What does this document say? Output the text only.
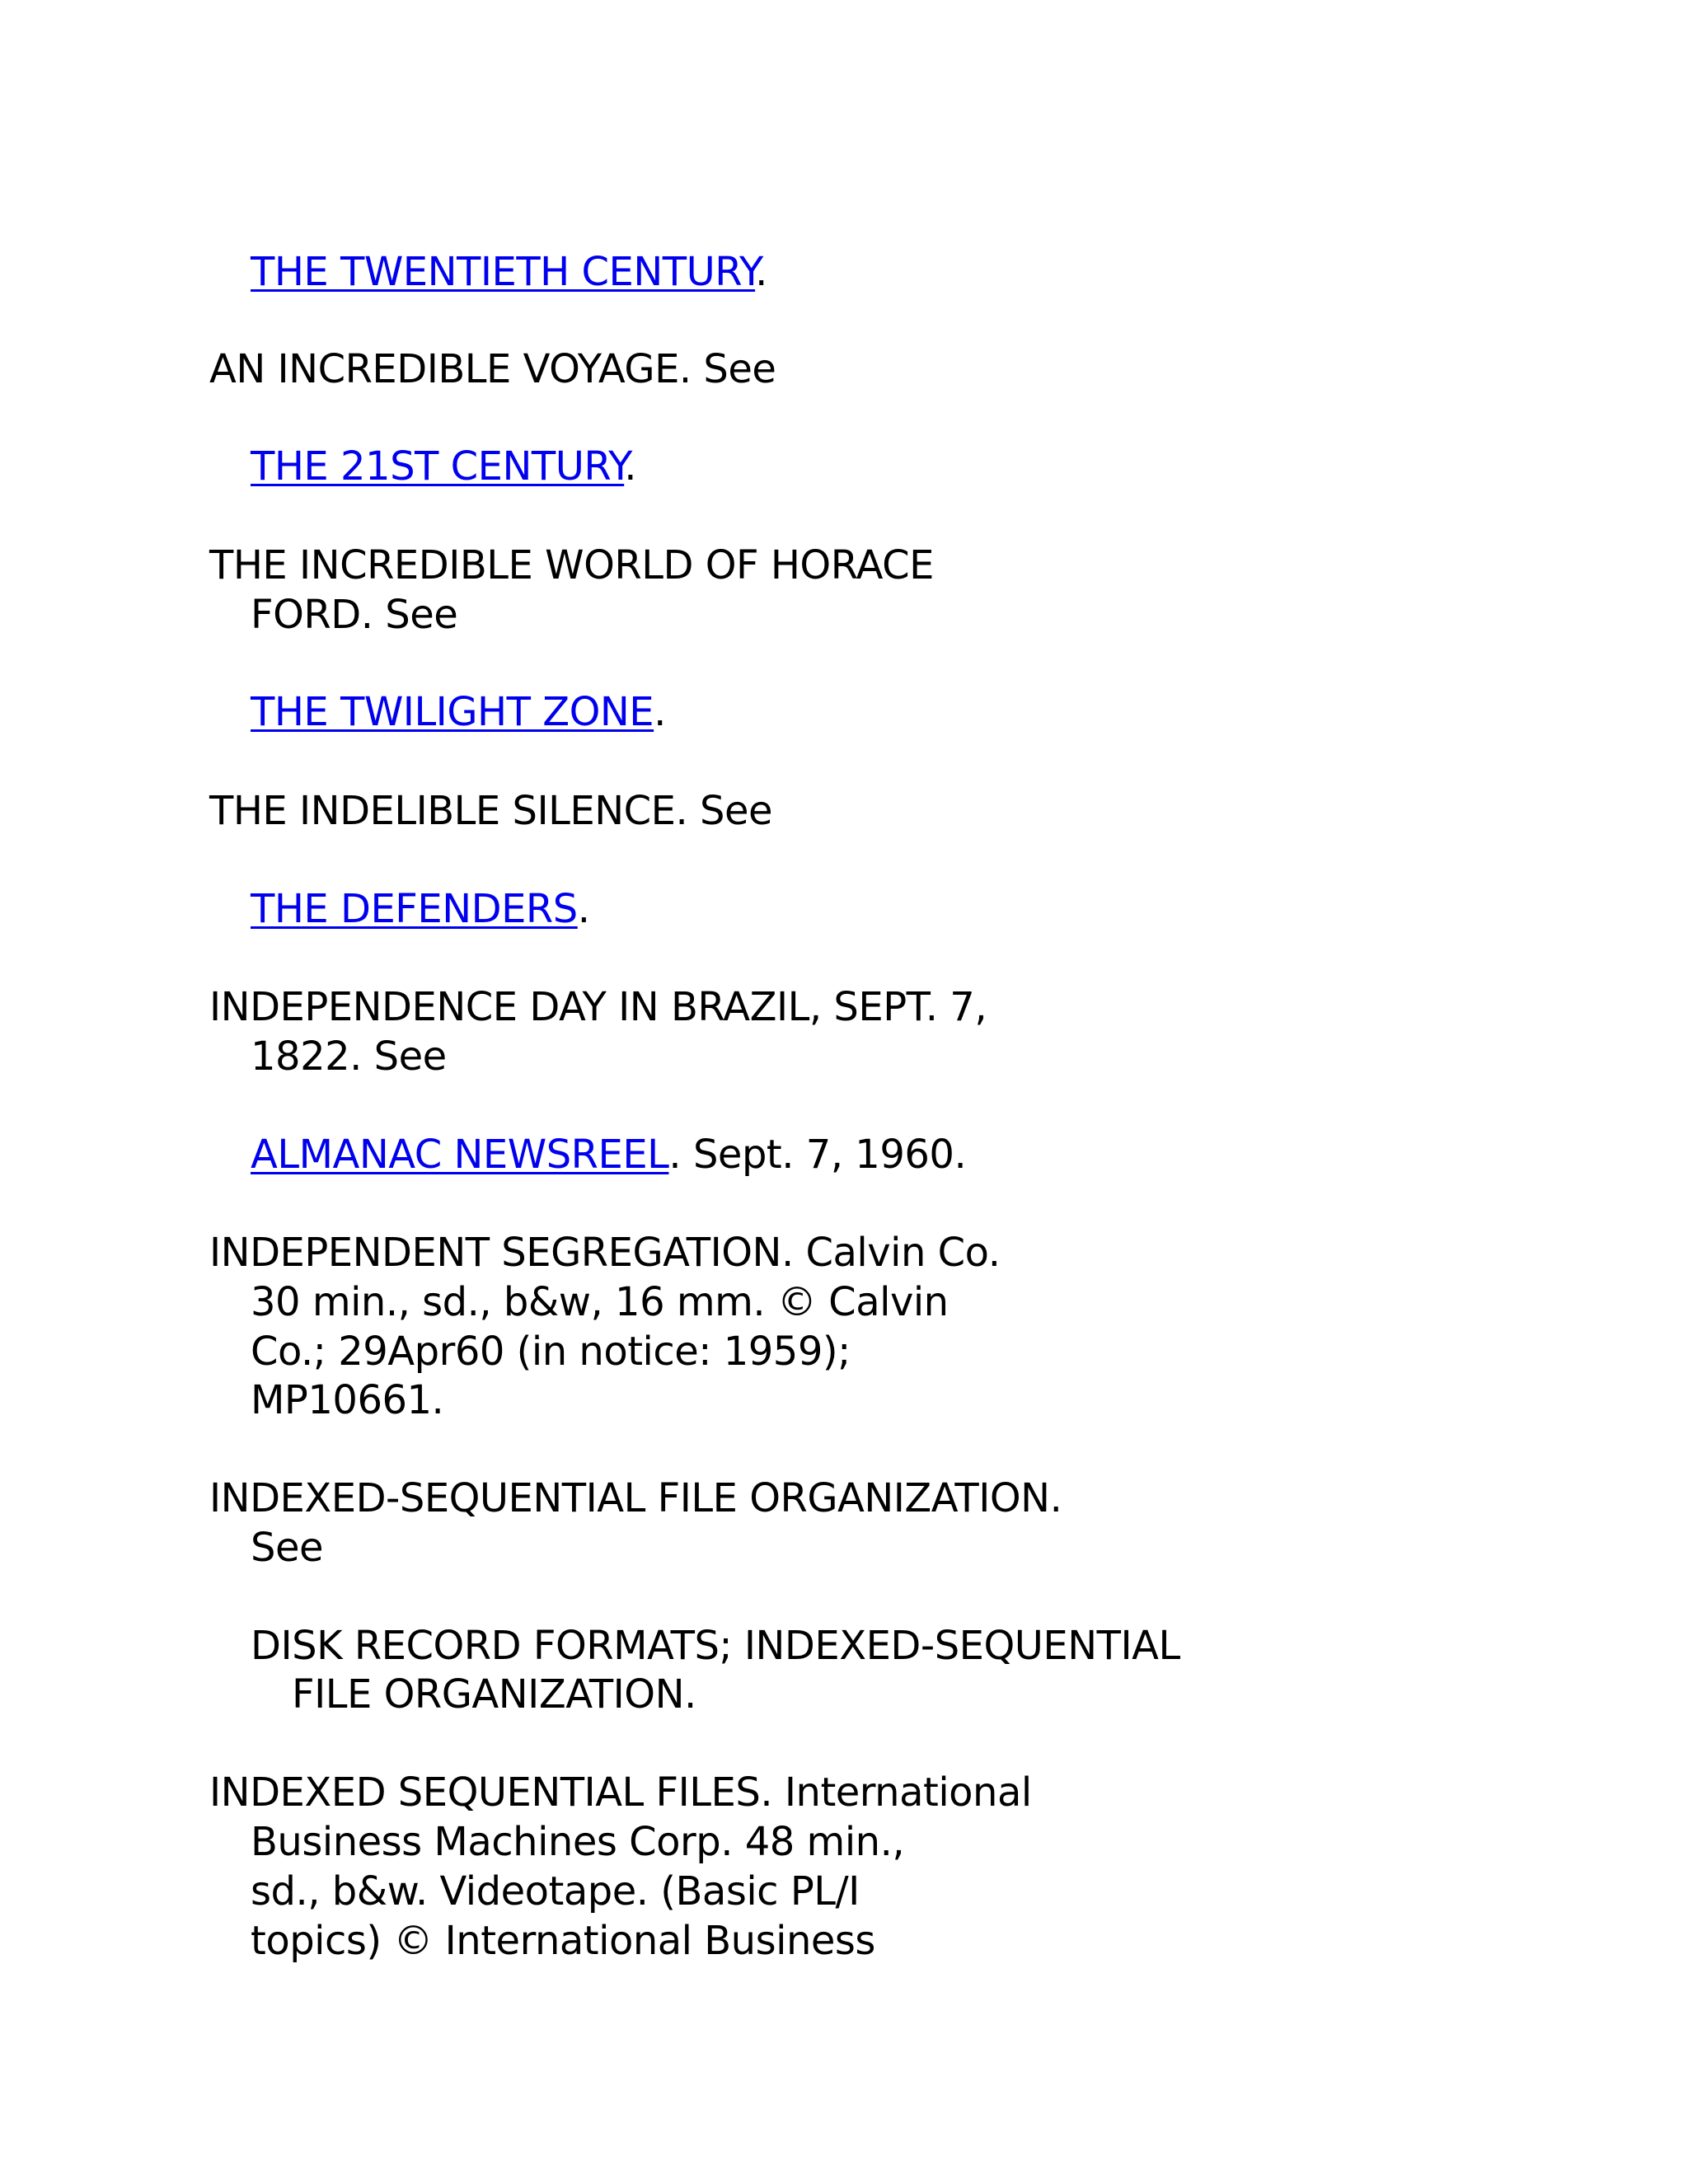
THE TWENTIETH CENTURY.
AN INCREDIBLE VOYAGE. See
THE 21ST CENTURY.
THE INCREDIBLE WORLD OF HORACE
FORD. See
THE TWILIGHT ZONE.
THE INDELIBLE SILENCE. See
THE DEFENDERS.
INDEPENDENCE DAY IN BRAZIL, SEPT. 7,
1822. See
ALMANAC NEWSREEL. Sept. 7, 1960.
INDEPENDENT SEGREGATION. Calvin Co.
30 min., sd., b&w, 16 mm. © Calvin
Co.; 29Apr60 (in notice: 1959);
MP10661.
INDEXED-SEQUENTIAL FILE ORGANIZATION.
See
DISK RECORD FORMATS; INDEXED-SEQUENTIAL
FILE ORGANIZATION.
INDEXED SEQUENTIAL FILES. International
Business Machines Corp. 48 min.,
sd., b&w. Videotape. (Basic PL/I
topics) © International Business
